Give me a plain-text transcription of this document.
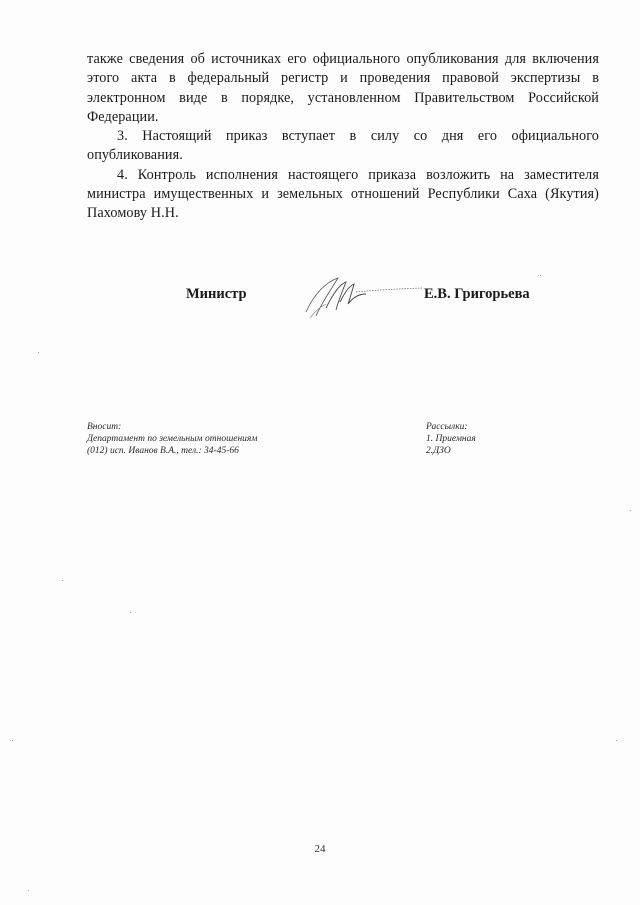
также сведения об источниках его официального опубликования для включения этого акта в федеральный регистр и проведения правовой экспертизы в электронном виде в порядке, установленном Правительством Российской Федерации.

3. Настоящий приказ вступает в силу со дня его официального опубликования.

4. Контроль исполнения настоящего приказа возложить на заместителя министра имущественных и земельных отношений Республики Саха (Якутия) Пахомову Н.Н.

Министр	Е.В. Григорьева
Вносит:
Департамент по земельным отношениям
(012) исп. Иванов В.А., тел.: 34-45-66
Рассылки:
1. Приемная
2.ДЗО
24
